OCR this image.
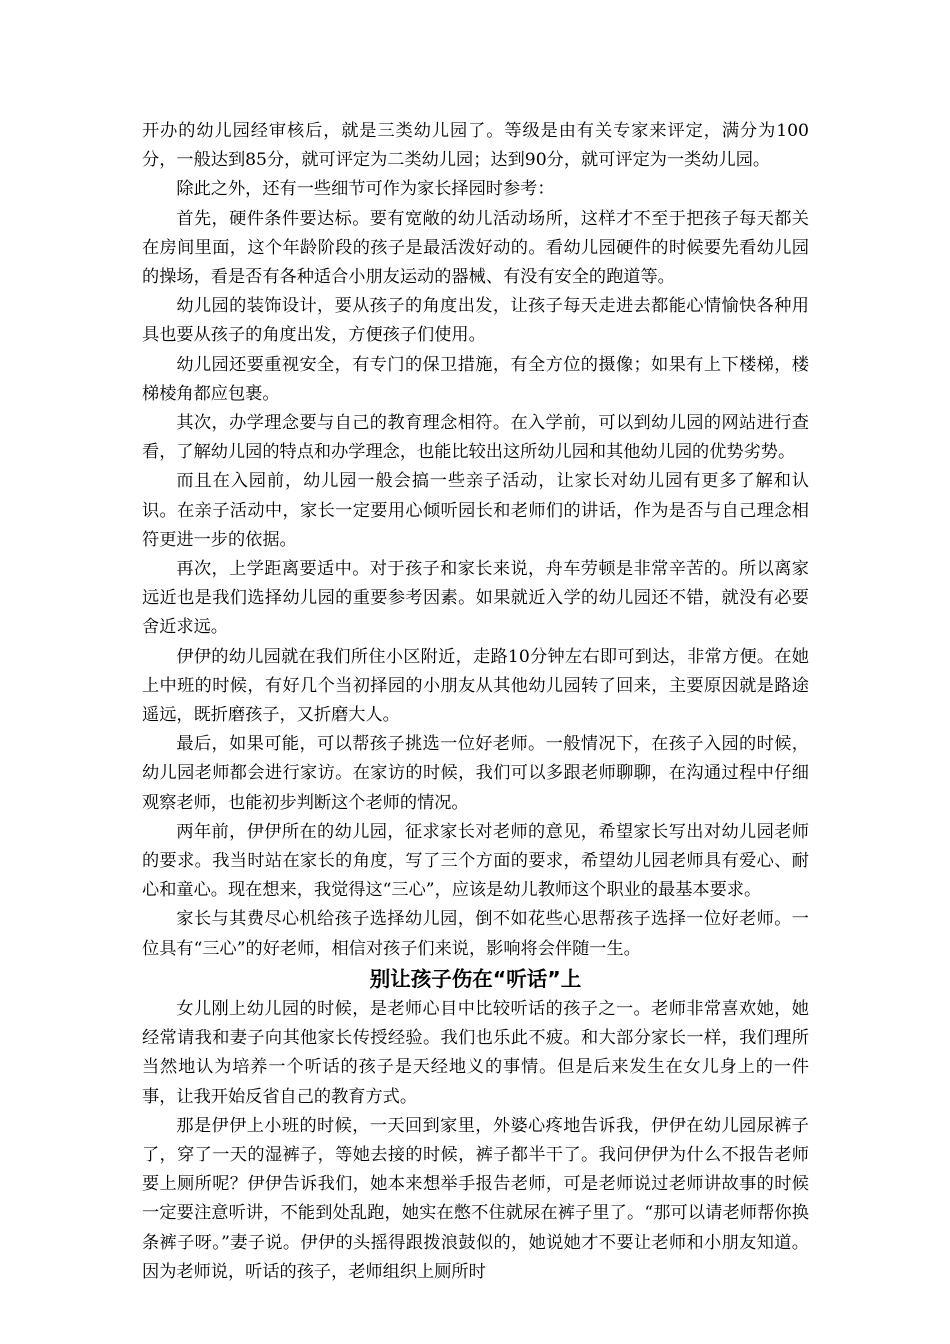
开办的幼儿园经审核后，就是三类幼儿园了。等级是由有关专家来评定，满分为100分，一般达到85分，就可评定为二类幼儿园；达到90分，就可评定为一类幼儿园。

除此之外，还有一些细节可作为家长择园时参考：

首先，硬件条件要达标。要有宽敞的幼儿活动场所，这样才不至于把孩子每天都关在房间里面，这个年龄阶段的孩子是最活泼好动的。看幼儿园硬件的时候要先看幼儿园的操场，看是否有各种适合小朋友运动的器械、有没有安全的跑道等。

幼儿园的装饰设计，要从孩子的角度出发，让孩子每天走进去都能心情愉快各种用具也要从孩子的角度出发，方便孩子们使用。

幼儿园还要重视安全，有专门的保卫措施，有全方位的摄像；如果有上下楼梯，楼梯棱角都应包裹。

其次，办学理念要与自己的教育理念相符。在入学前，可以到幼儿园的网站进行查看，了解幼儿园的特点和办学理念，也能比较出这所幼儿园和其他幼儿园的优势劣势。

而且在入园前，幼儿园一般会搞一些亲子活动，让家长对幼儿园有更多了解和认识。在亲子活动中，家长一定要用心倾听园长和老师们的讲话，作为是否与自己理念相符更进一步的依据。

再次，上学距离要适中。对于孩子和家长来说，舟车劳顿是非常辛苦的。所以离家远近也是我们选择幼儿园的重要参考因素。如果就近入学的幼儿园还不错，就没有必要舍近求远。

伊伊的幼儿园就在我们所住小区附近，走路10分钟左右即可到达，非常方便。在她上中班的时候，有好几个当初择园的小朋友从其他幼儿园转了回来，主要原因就是路途遥远，既折磨孩子，又折磨大人。

最后，如果可能，可以帮孩子挑选一位好老师。一般情况下，在孩子入园的时候，幼儿园老师都会进行家访。在家访的时候，我们可以多跟老师聊聊，在沟通过程中仔细观察老师，也能初步判断这个老师的情况。

两年前，伊伊所在的幼儿园，征求家长对老师的意见，希望家长写出对幼儿园老师的要求。我当时站在家长的角度，写了三个方面的要求，希望幼儿园老师具有爱心、耐心和童心。现在想来，我觉得这“三心”，应该是幼儿教师这个职业的最基本要求。

家长与其费尽心机给孩子选择幼儿园，倒不如花些心思帮孩子选择一位好老师。一位具有“三心”的好老师，相信对孩子们来说，影响将会伴随一生。

别让孩子伤在“听话”上

女儿刚上幼儿园的时候，是老师心目中比较听话的孩子之一。老师非常喜欢她，她经常请我和妻子向其他家长传授经验。我们也乐此不疲。和大部分家长一样，我们理所当然地认为培养一个听话的孩子是天经地义的事情。但是后来发生在女儿身上的一件事，让我开始反省自己的教育方式。

那是伊伊上小班的时候，一天回到家里，外婆心疼地告诉我，伊伊在幼儿园尿裤子了，穿了一天的湿裤子，等她去接的时候，裤子都半干了。我问伊伊为什么不报告老师要上厕所呢？伊伊告诉我们，她本来想举手报告老师，可是老师说过老师讲故事的时候一定要注意听讲，不能到处乱跑，她实在憋不住就尿在裤子里了。“那可以请老师帮你换条裤子呀。”妻子说。伊伊的头摇得跟拨浪鼓似的，她说她才不要让老师和小朋友知道。因为老师说，听话的孩子，老师组织上厕所时
